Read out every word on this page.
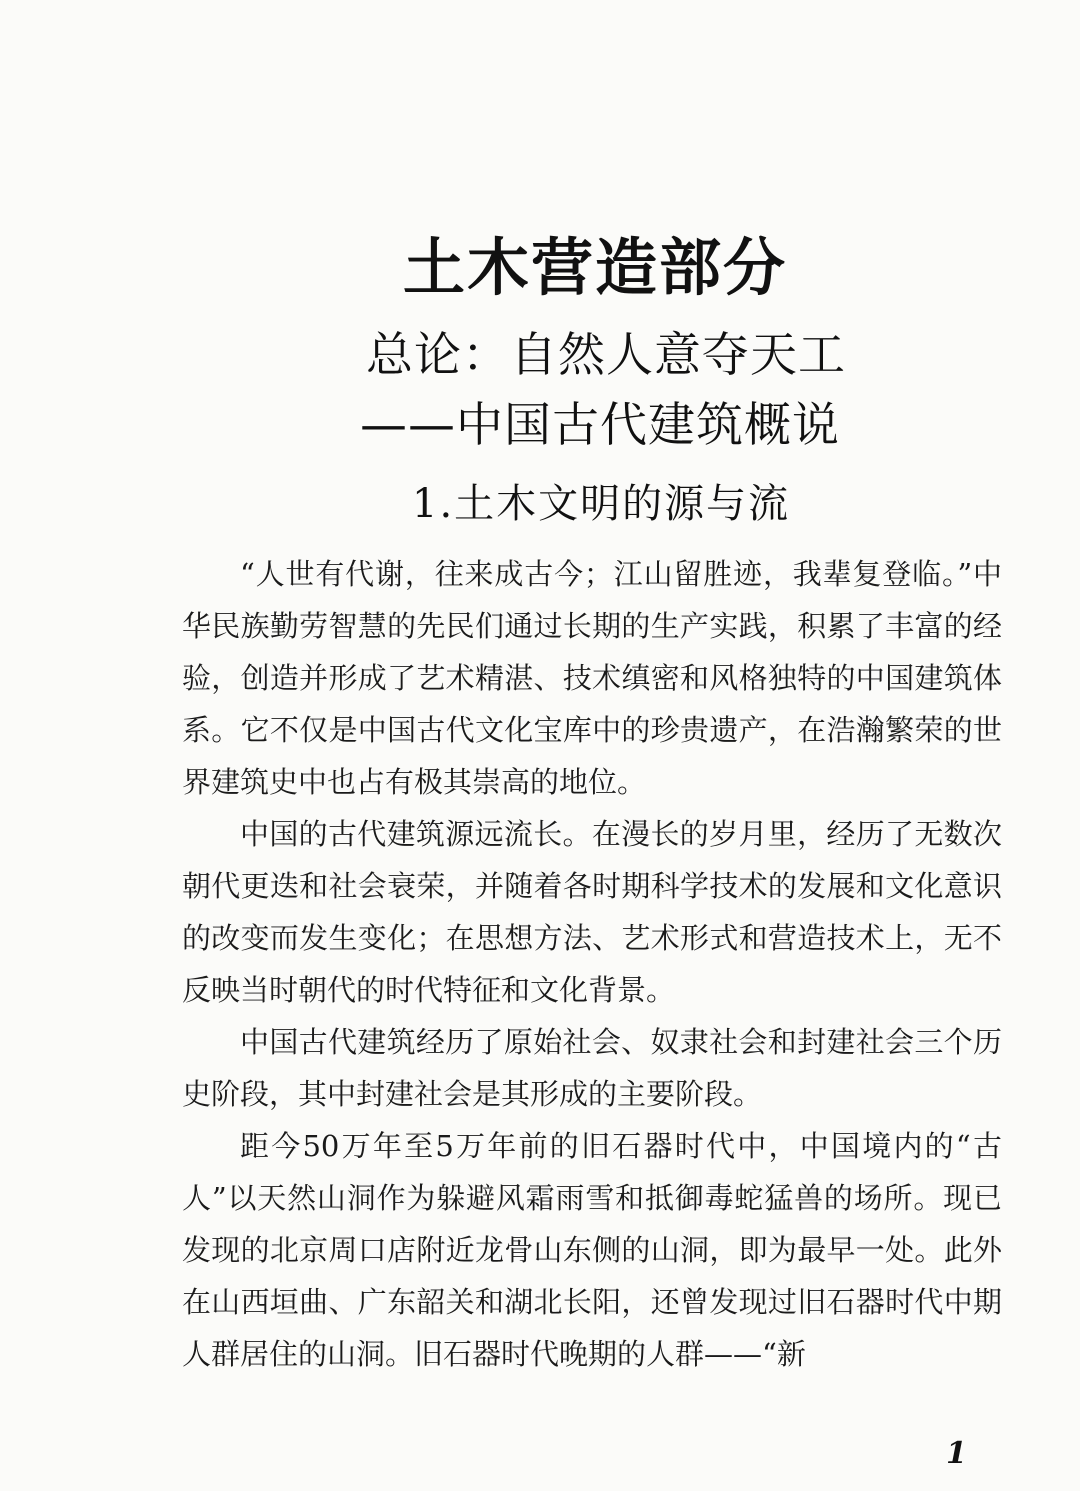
土木营造部分
总论：自然人意夺天工
——中国古代建筑概说
1.土木文明的源与流

“人世有代谢，往来成古今；江山留胜迹，我辈复登临。”中华民族勤劳智慧的先民们通过长期的生产实践，积累了丰富的经验，创造并形成了艺术精湛、技术缜密和风格独特的中国建筑体系。它不仅是中国古代文化宝库中的珍贵遗产，在浩瀚繁荣的世界建筑史中也占有极其崇高的地位。

中国的古代建筑源远流长。在漫长的岁月里，经历了无数次朝代更迭和社会衰荣，并随着各时期科学技术的发展和文化意识的改变而发生变化；在思想方法、艺术形式和营造技术上，无不反映当时朝代的时代特征和文化背景。

中国古代建筑经历了原始社会、奴隶社会和封建社会三个历史阶段，其中封建社会是其形成的主要阶段。

距今50万年至5万年前的旧石器时代中，中国境内的“古人”以天然山洞作为躲避风霜雨雪和抵御毒蛇猛兽的场所。现已发现的北京周口店附近龙骨山东侧的山洞，即为最早一处。此外在山西垣曲、广东韶关和湖北长阳，还曾发现过旧石器时代中期人群居住的山洞。旧石器时代晚期的人群——“新

1
